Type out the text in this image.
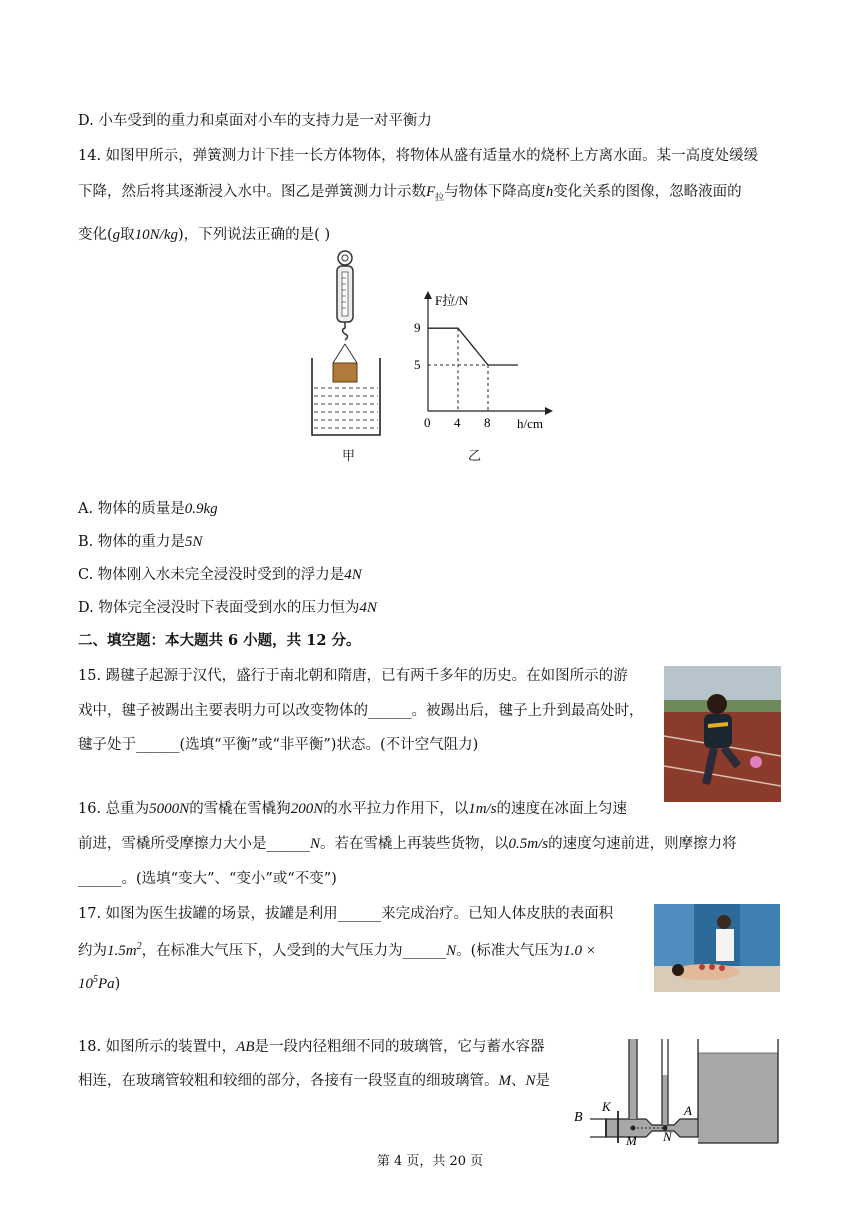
D. 小车受到的重力和桌面对小车的支持力是一对平衡力
14. 如图甲所示，弹簧测力计下挂一长方体物体，将物体从盛有适量水的烧杯上方离水面。某一高度处缓缓
下降，然后将其逐渐浸入水中。图乙是弹簧测力计示数$F_拉$与物体下降高度h变化关系的图像，忽略液面的
变化(g取10N/kg)，下列说法正确的是( )
甲
F拉/N
h/cm
0 4 8
9
5
乙
A. 物体的质量是0.9kg
B. 物体的重力是5N
C. 物体刚入水未完全浸没时受到的浮力是4N
D. 物体完全浸没时下表面受到水的压力恒为4N
二、填空题：本大题共 6 小题，共 12 分。
15. 踢毽子起源于汉代，盛行于南北朝和隋唐，已有两千多年的历史。在如图所示的游
戏中，毽子被踢出主要表明力可以改变物体的______。被踢出后，毽子上升到最高处时，
毽子处于______(选填“平衡”或“非平衡”)状态。(不计空气阻力)
16. 总重为5000N的雪橇在雪橇狗200N的水平拉力作用下，以1m/s的速度在冰面上匀速
前进，雪橇所受摩擦力大小是______N。若在雪橇上再装些货物，以0.5m/s的速度匀速前进，则摩擦力将
______。(选填“变大”、“变小”或“不变”)
17. 如图为医生拔罐的场景，拔罐是利用______来完成治疗。已知人体皮肤的表面积
约为$1.5m^2$，在标准大气压下，人受到的大气压力为______N。(标准大气压为1.0 ×
$10^5Pa$)
18. 如图所示的装置中，AB是一段内径粗细不同的玻璃管，它与蓄水容器
相连，在玻璃管较粗和较细的部分，各接有一段竖直的细玻璃管。M、N是
B
K	A
M N
第 4 页，共 20 页
